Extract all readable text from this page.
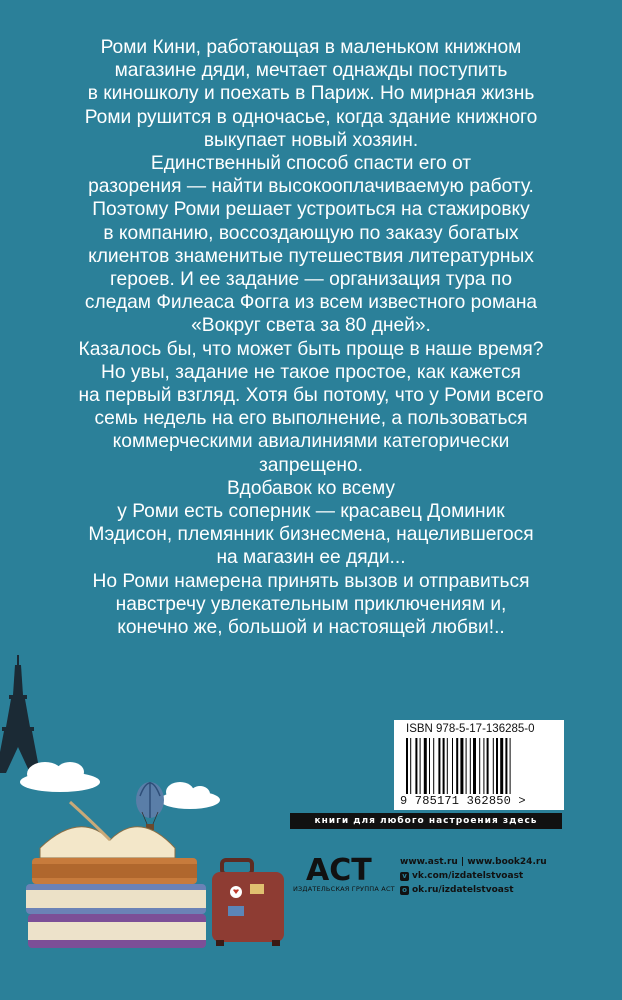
Роми Кини, работающая в маленьком книжном

магазине дяди, мечтает однажды поступить

в киношколу и поехать в Париж. Но мирная жизнь

Роми рушится в одночасье, когда здание книжного

выкупает новый хозяин.

Единственный способ спасти его от

разорения — найти высокооплачиваемую работу.

Поэтому Роми решает устроиться на стажировку

в компанию, воссоздающую по заказу богатых

клиентов знаменитые путешествия литературных

героев. И ее задание — организация тура по

следам Филеаса Фогга из всем известного романа

«Вокруг света за 80 дней».

Казалось бы, что может быть проще в наше время?

Но увы, задание не такое простое, как кажется

на первый взгляд. Хотя бы потому, что у Роми всего

семь недель на его выполнение, а пользоваться

коммерческими авиалиниями категорически

запрещено.

Вдобавок ко всему

у Роми есть соперник — красавец Доминик

Мэдисон, племянник бизнесмена, нацелившегося

на магазин ее дяди...

Но Роми намерена принять вызов и отправиться

навстречу увлекательным приключениям и,

конечно же, большой и настоящей любви!..

ISBN 978-5-17-136285-0
9 785171 362850 >
книги для любого настроения здесь
АСТ
ИЗДАТЕЛЬСКАЯ ГРУППА АСТ
www.ast.ru | www.book24.ru
v vk.com/izdatelstvoast
o ok.ru/izdatelstvoast
